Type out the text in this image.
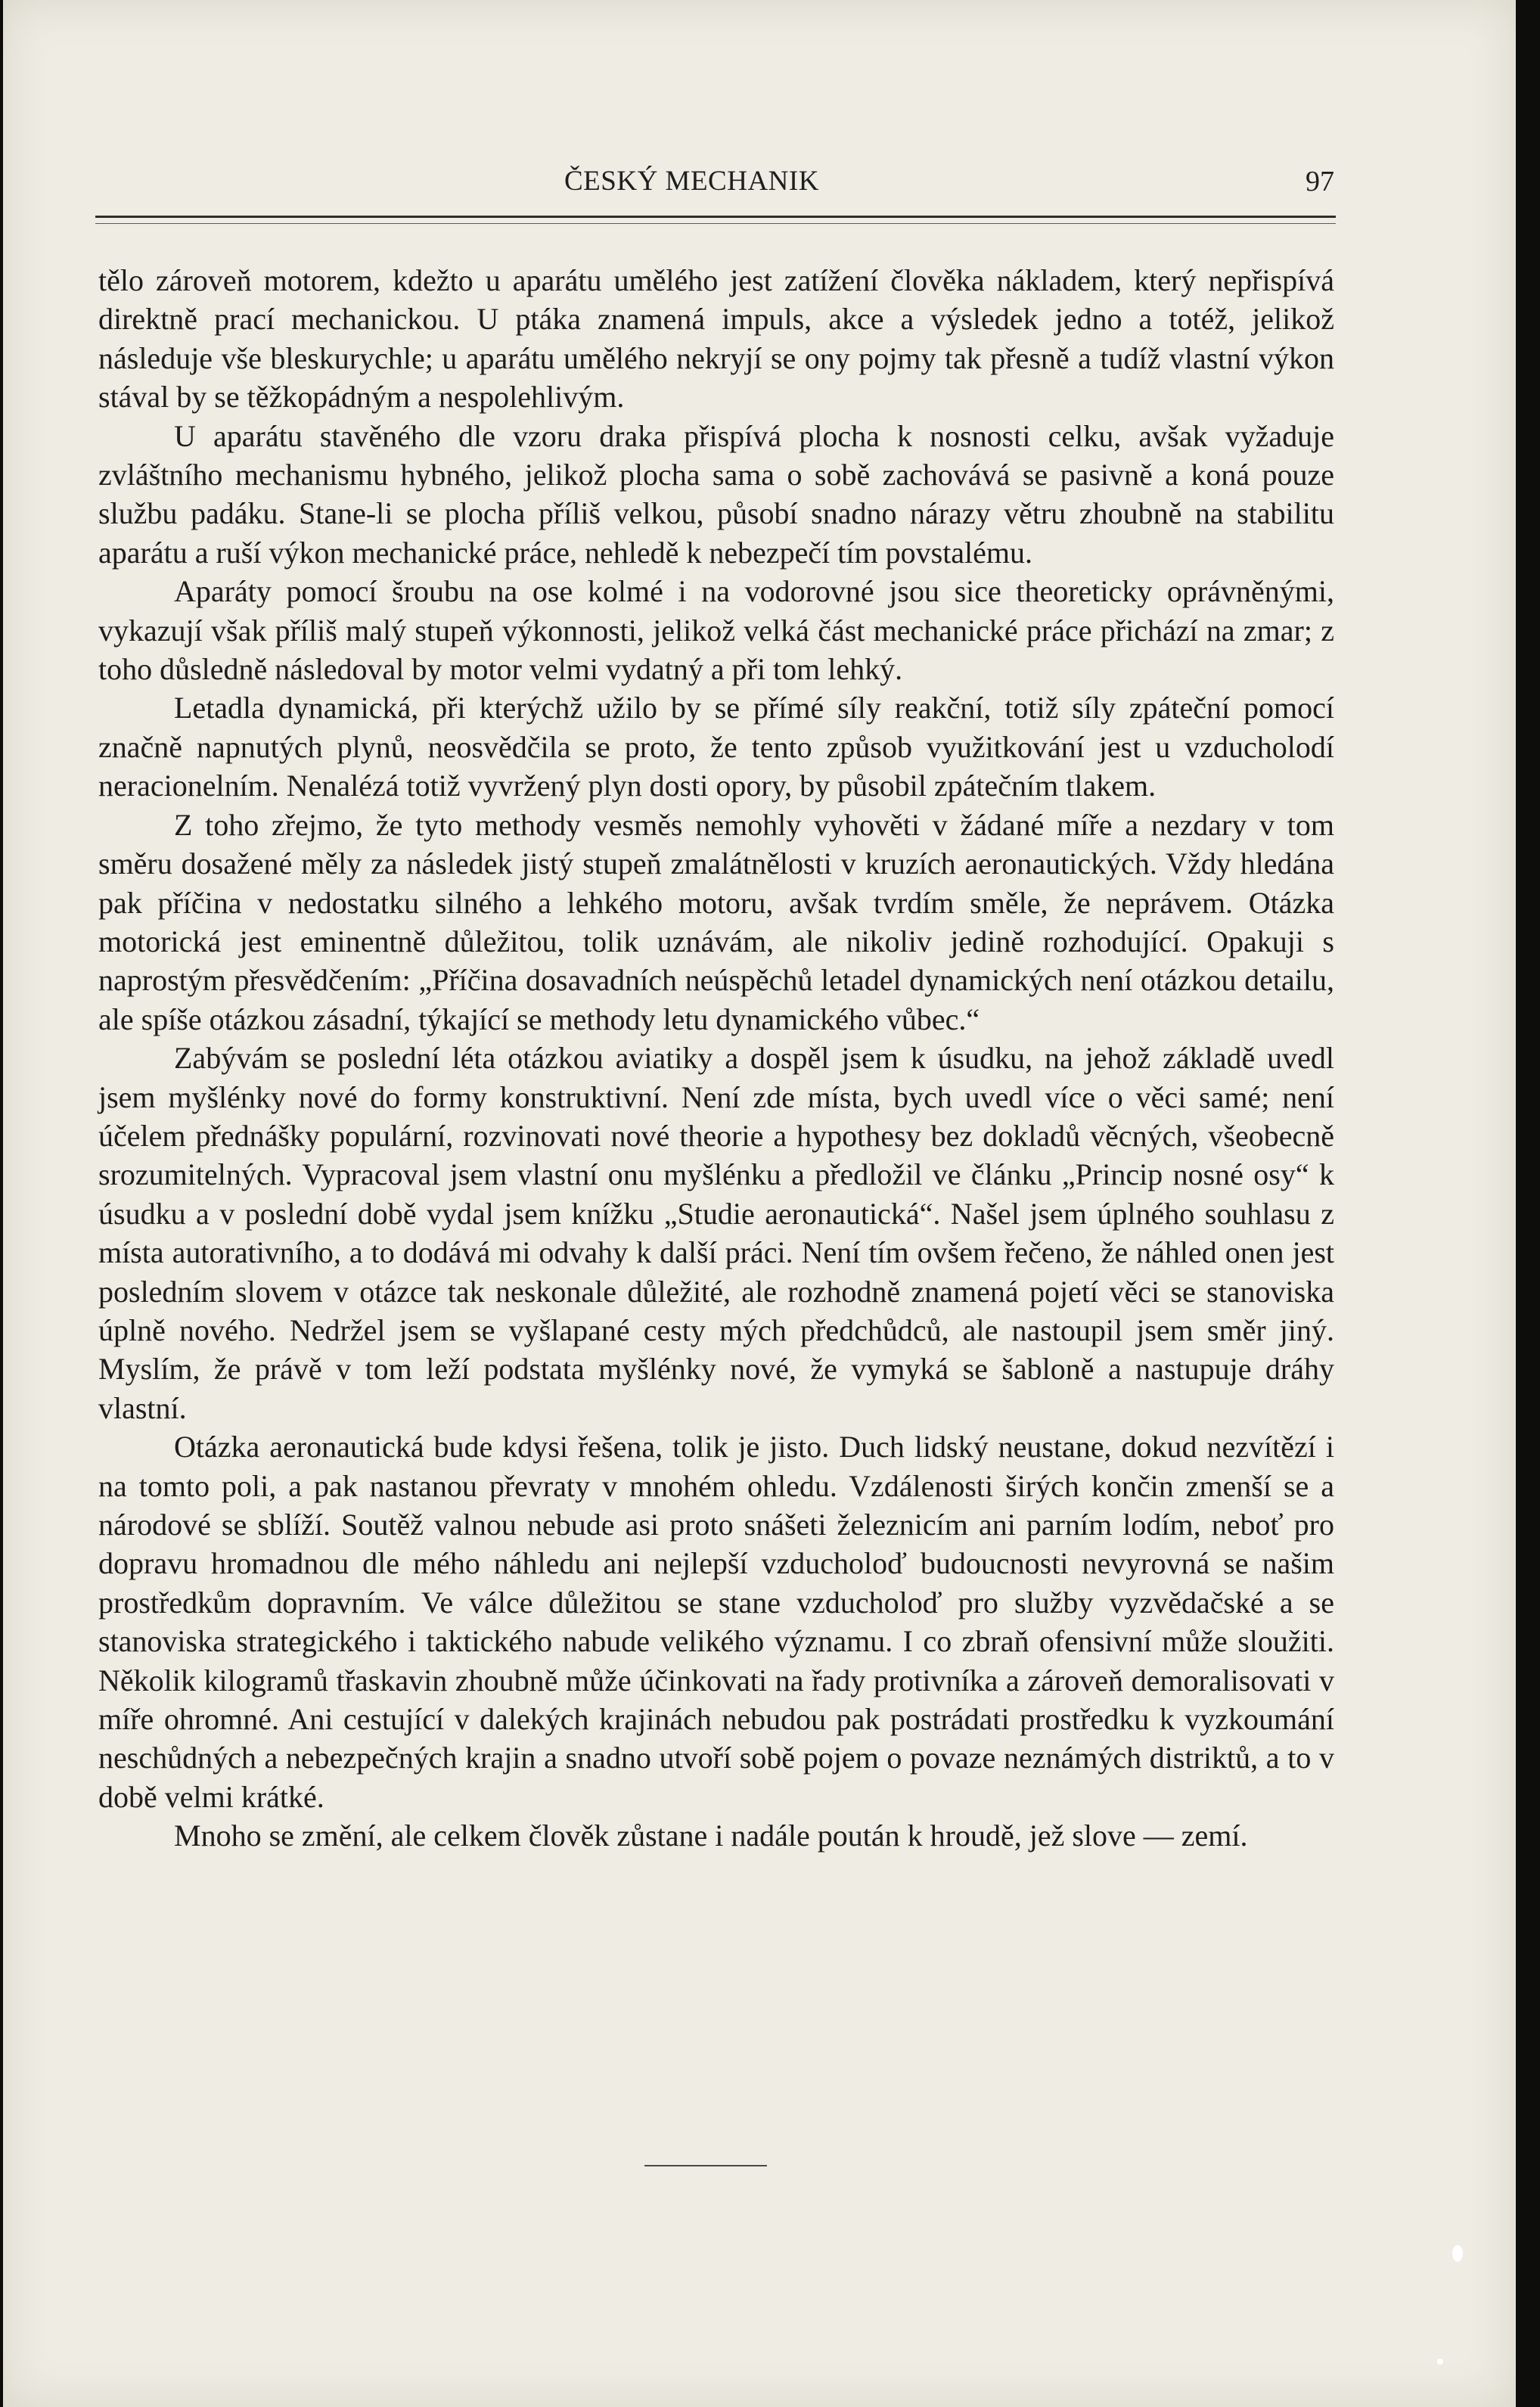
ČESKÝ MECHANIK	97

tělo zároveň motorem, kdežto u aparátu umělého jest zatížení člověka nákladem, který nepřispívá direktně prací mechanickou. U ptáka znamená impuls, akce a výsledek jedno a totéž, jelikož následuje vše bleskurychle; u aparátu umělého nekryjí se ony pojmy tak přesně a tudíž vlastní výkon stával by se těžkopádným a nespolehlivým.

U aparátu stavěného dle vzoru draka přispívá plocha k nosnosti celku, avšak vyžaduje zvláštního mechanismu hybného, jelikož plocha sama o sobě zachovává se pasivně a koná pouze službu padáku. Stane-li se plocha příliš velkou, působí snadno nárazy větru zhoubně na stabilitu aparátu a ruší výkon mechanické práce, nehledě k nebezpečí tím povstalému.

Aparáty pomocí šroubu na ose kolmé i na vodorovné jsou sice theoreticky oprávněnými, vykazují však příliš malý stupeň výkonnosti, jelikož velká část mechanické práce přichází na zmar; z toho důsledně následoval by motor velmi vydatný a při tom lehký.

Letadla dynamická, při kterýchž užilo by se přímé síly reakční, totiž síly zpáteční pomocí značně napnutých plynů, neosvědčila se proto, že tento způsob využitkování jest u vzducholodí neracionelním. Nenalézá totiž vyvržený plyn dosti opory, by působil zpátečním tlakem.

Z toho zřejmo, že tyto methody vesměs nemohly vyhověti v žádané míře a nezdary v tom směru dosažené měly za následek jistý stupeň zmalátnělosti v kruzích aeronautických. Vždy hledána pak příčina v nedostatku silného a lehkého motoru, avšak tvrdím směle, že neprávem. Otázka motorická jest eminentně důležitou, tolik uznávám, ale nikoliv jedině rozhodující. Opakuji s naprostým přesvědčením: „Příčina dosavadních neúspěchů letadel dynamických není otázkou detailu, ale spíše otázkou zásadní, týkající se methody letu dynamického vůbec.“

Zabývám se poslední léta otázkou aviatiky a dospěl jsem k úsudku, na jehož základě uvedl jsem myšlénky nové do formy konstruktivní. Není zde místa, bych uvedl více o věci samé; není účelem přednášky populární, rozvinovati nové theorie a hypothesy bez dokladů věcných, všeobecně srozumitelných. Vypracoval jsem vlastní onu myšlénku a předložil ve článku „Princip nosné osy“ k úsudku a v poslední době vydal jsem knížku „Studie aeronautická“. Našel jsem úplného souhlasu z místa autorativního, a to dodává mi odvahy k další práci. Není tím ovšem řečeno, že náhled onen jest posledním slovem v otázce tak neskonale důležité, ale rozhodně znamená pojetí věci se stanoviska úplně nového. Nedržel jsem se vyšlapané cesty mých předchůdců, ale nastoupil jsem směr jiný. Myslím, že právě v tom leží podstata myšlénky nové, že vymyká se šabloně a nastupuje dráhy vlastní.

Otázka aeronautická bude kdysi řešena, tolik je jisto. Duch lidský neustane, dokud nezvítězí i na tomto poli, a pak nastanou převraty v mnohém ohledu. Vzdálenosti širých končin zmenší se a národové se sblíží. Soutěž valnou nebude asi proto snášeti železnicím ani parním lodím, neboť pro dopravu hromadnou dle mého náhledu ani nejlepší vzducholoď budoucnosti nevyrovná se našim prostředkům dopravním. Ve válce důležitou se stane vzducholoď pro služby vyzvědačské a se stanoviska strategického i taktického nabude velikého významu. I co zbraň ofensivní může sloužiti. Několik kilogramů třaskavin zhoubně může účinkovati na řady protivníka a zároveň demoralisovati v míře ohromné. Ani cestující v dalekých krajinách nebudou pak postrádati prostředku k vyzkoumání neschůdných a nebezpečných krajin a snadno utvoří sobě pojem o povaze neznámých distriktů, a to v době velmi krátké.

Mnoho se změní, ale celkem člověk zůstane i nadále poután k hroudě, jež slove — zemí.
